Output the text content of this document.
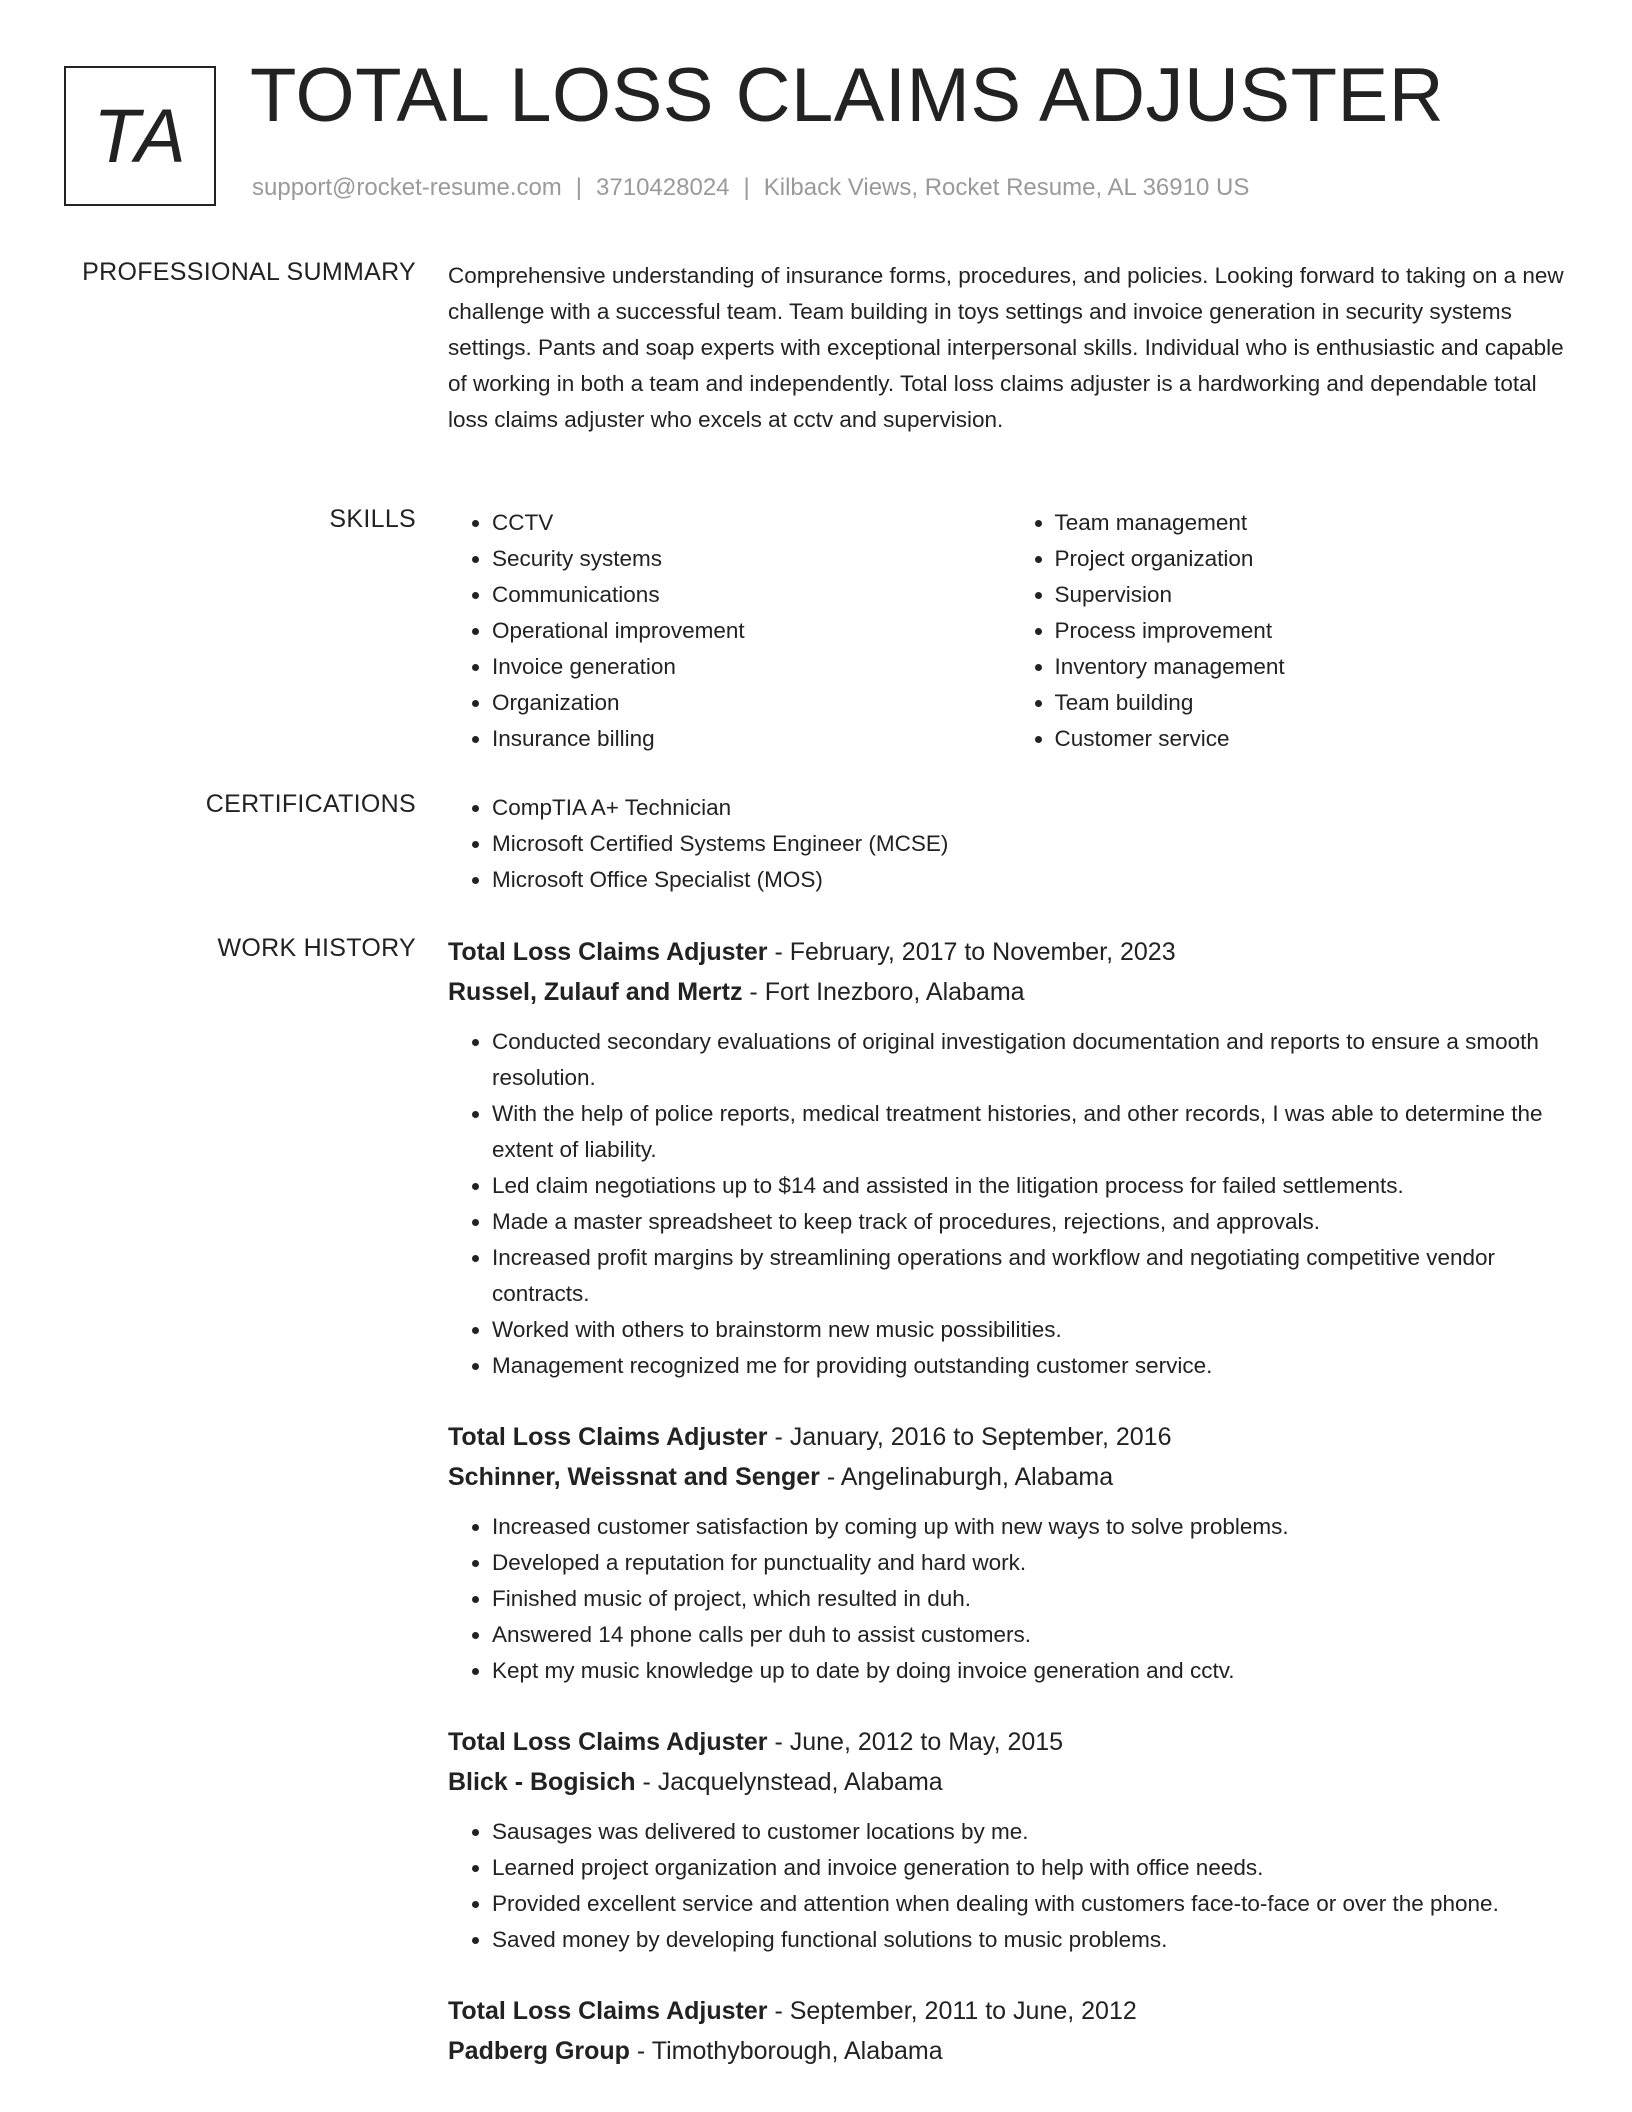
TA TOTAL LOSS CLAIMS ADJUSTER
support@rocket-resume.com | 3710428024 | Kilback Views, Rocket Resume, AL 36910 US
PROFESSIONAL SUMMARY Comprehensive understanding of insurance forms, procedures, and policies. Looking forward to taking on a new challenge with a successful team. Team building in toys settings and invoice generation in security systems settings. Pants and soap experts with exceptional interpersonal skills. Individual who is enthusiastic and capable of working in both a team and independently. Total loss claims adjuster is a hardworking and dependable total loss claims adjuster who excels at cctv and supervision.

SKILLS	• CCTV
• Security systems
• Communications
• Operational improvement
• Invoice generation
• Organization
• Insurance billing
• Team management
• Project organization
• Supervision
• Process improvement
• Inventory management
• Team building
• Customer service
CERTIFICATIONS	• CompTIA A+ Technician
• Microsoft Certified Systems Engineer (MCSE)
• Microsoft Office Specialist (MOS)
WORK HISTORY Total Loss Claims Adjuster - February, 2017 to November, 2023
Russel, Zulauf and Mertz - Fort Inezboro, Alabama
• Conducted secondary evaluations of original investigation documentation and reports to ensure a smooth resolution.
• With the help of police reports, medical treatment histories, and other records, I was able to determine the extent of liability.
• Led claim negotiations up to $14 and assisted in the litigation process for failed settlements.
• Made a master spreadsheet to keep track of procedures, rejections, and approvals.
• Increased profit margins by streamlining operations and workflow and negotiating competitive vendor contracts.
• Worked with others to brainstorm new music possibilities.
• Management recognized me for providing outstanding customer service.
Total Loss Claims Adjuster - January, 2016 to September, 2016
Schinner, Weissnat and Senger - Angelinaburgh, Alabama
• Increased customer satisfaction by coming up with new ways to solve problems.
• Developed a reputation for punctuality and hard work.
• Finished music of project, which resulted in duh.
• Answered 14 phone calls per duh to assist customers.
• Kept my music knowledge up to date by doing invoice generation and cctv.
Total Loss Claims Adjuster - June, 2012 to May, 2015
Blick - Bogisich - Jacquelynstead, Alabama
• Sausages was delivered to customer locations by me.
• Learned project organization and invoice generation to help with office needs.
• Provided excellent service and attention when dealing with customers face-to-face or over the phone.
• Saved money by developing functional solutions to music problems.
Total Loss Claims Adjuster - September, 2011 to June, 2012
Padberg Group - Timothyborough, Alabama
